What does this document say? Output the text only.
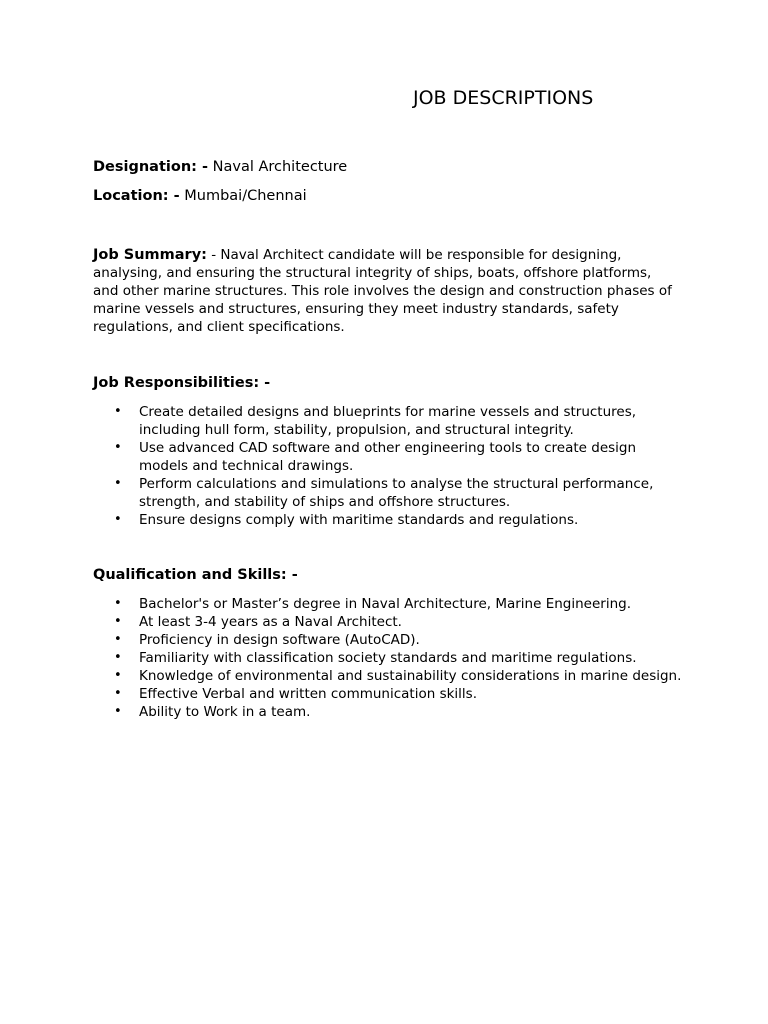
JOB DESCRIPTIONS

Designation: - Naval Architecture

Location: - Mumbai/Chennai

Job Summary: - Naval Architect candidate will be responsible for designing, analysing, and ensuring the structural integrity of ships, boats, offshore platforms, and other marine structures. This role involves the design and construction phases of marine vessels and structures, ensuring they meet industry standards, safety regulations, and client specifications.

Job Responsibilities: -
• Create detailed designs and blueprints for marine vessels and structures, including hull form, stability, propulsion, and structural integrity.
• Use advanced CAD software and other engineering tools to create design models and technical drawings.
• Perform calculations and simulations to analyse the structural performance, strength, and stability of ships and offshore structures.
• Ensure designs comply with maritime standards and regulations.
Qualification and Skills: -
• Bachelor's or Master’s degree in Naval Architecture, Marine Engineering.
• At least 3-4 years as a Naval Architect.
• Proficiency in design software (AutoCAD).
• Familiarity with classification society standards and maritime regulations.
• Knowledge of environmental and sustainability considerations in marine design.
• Effective Verbal and written communication skills.
• Ability to Work in a team.
